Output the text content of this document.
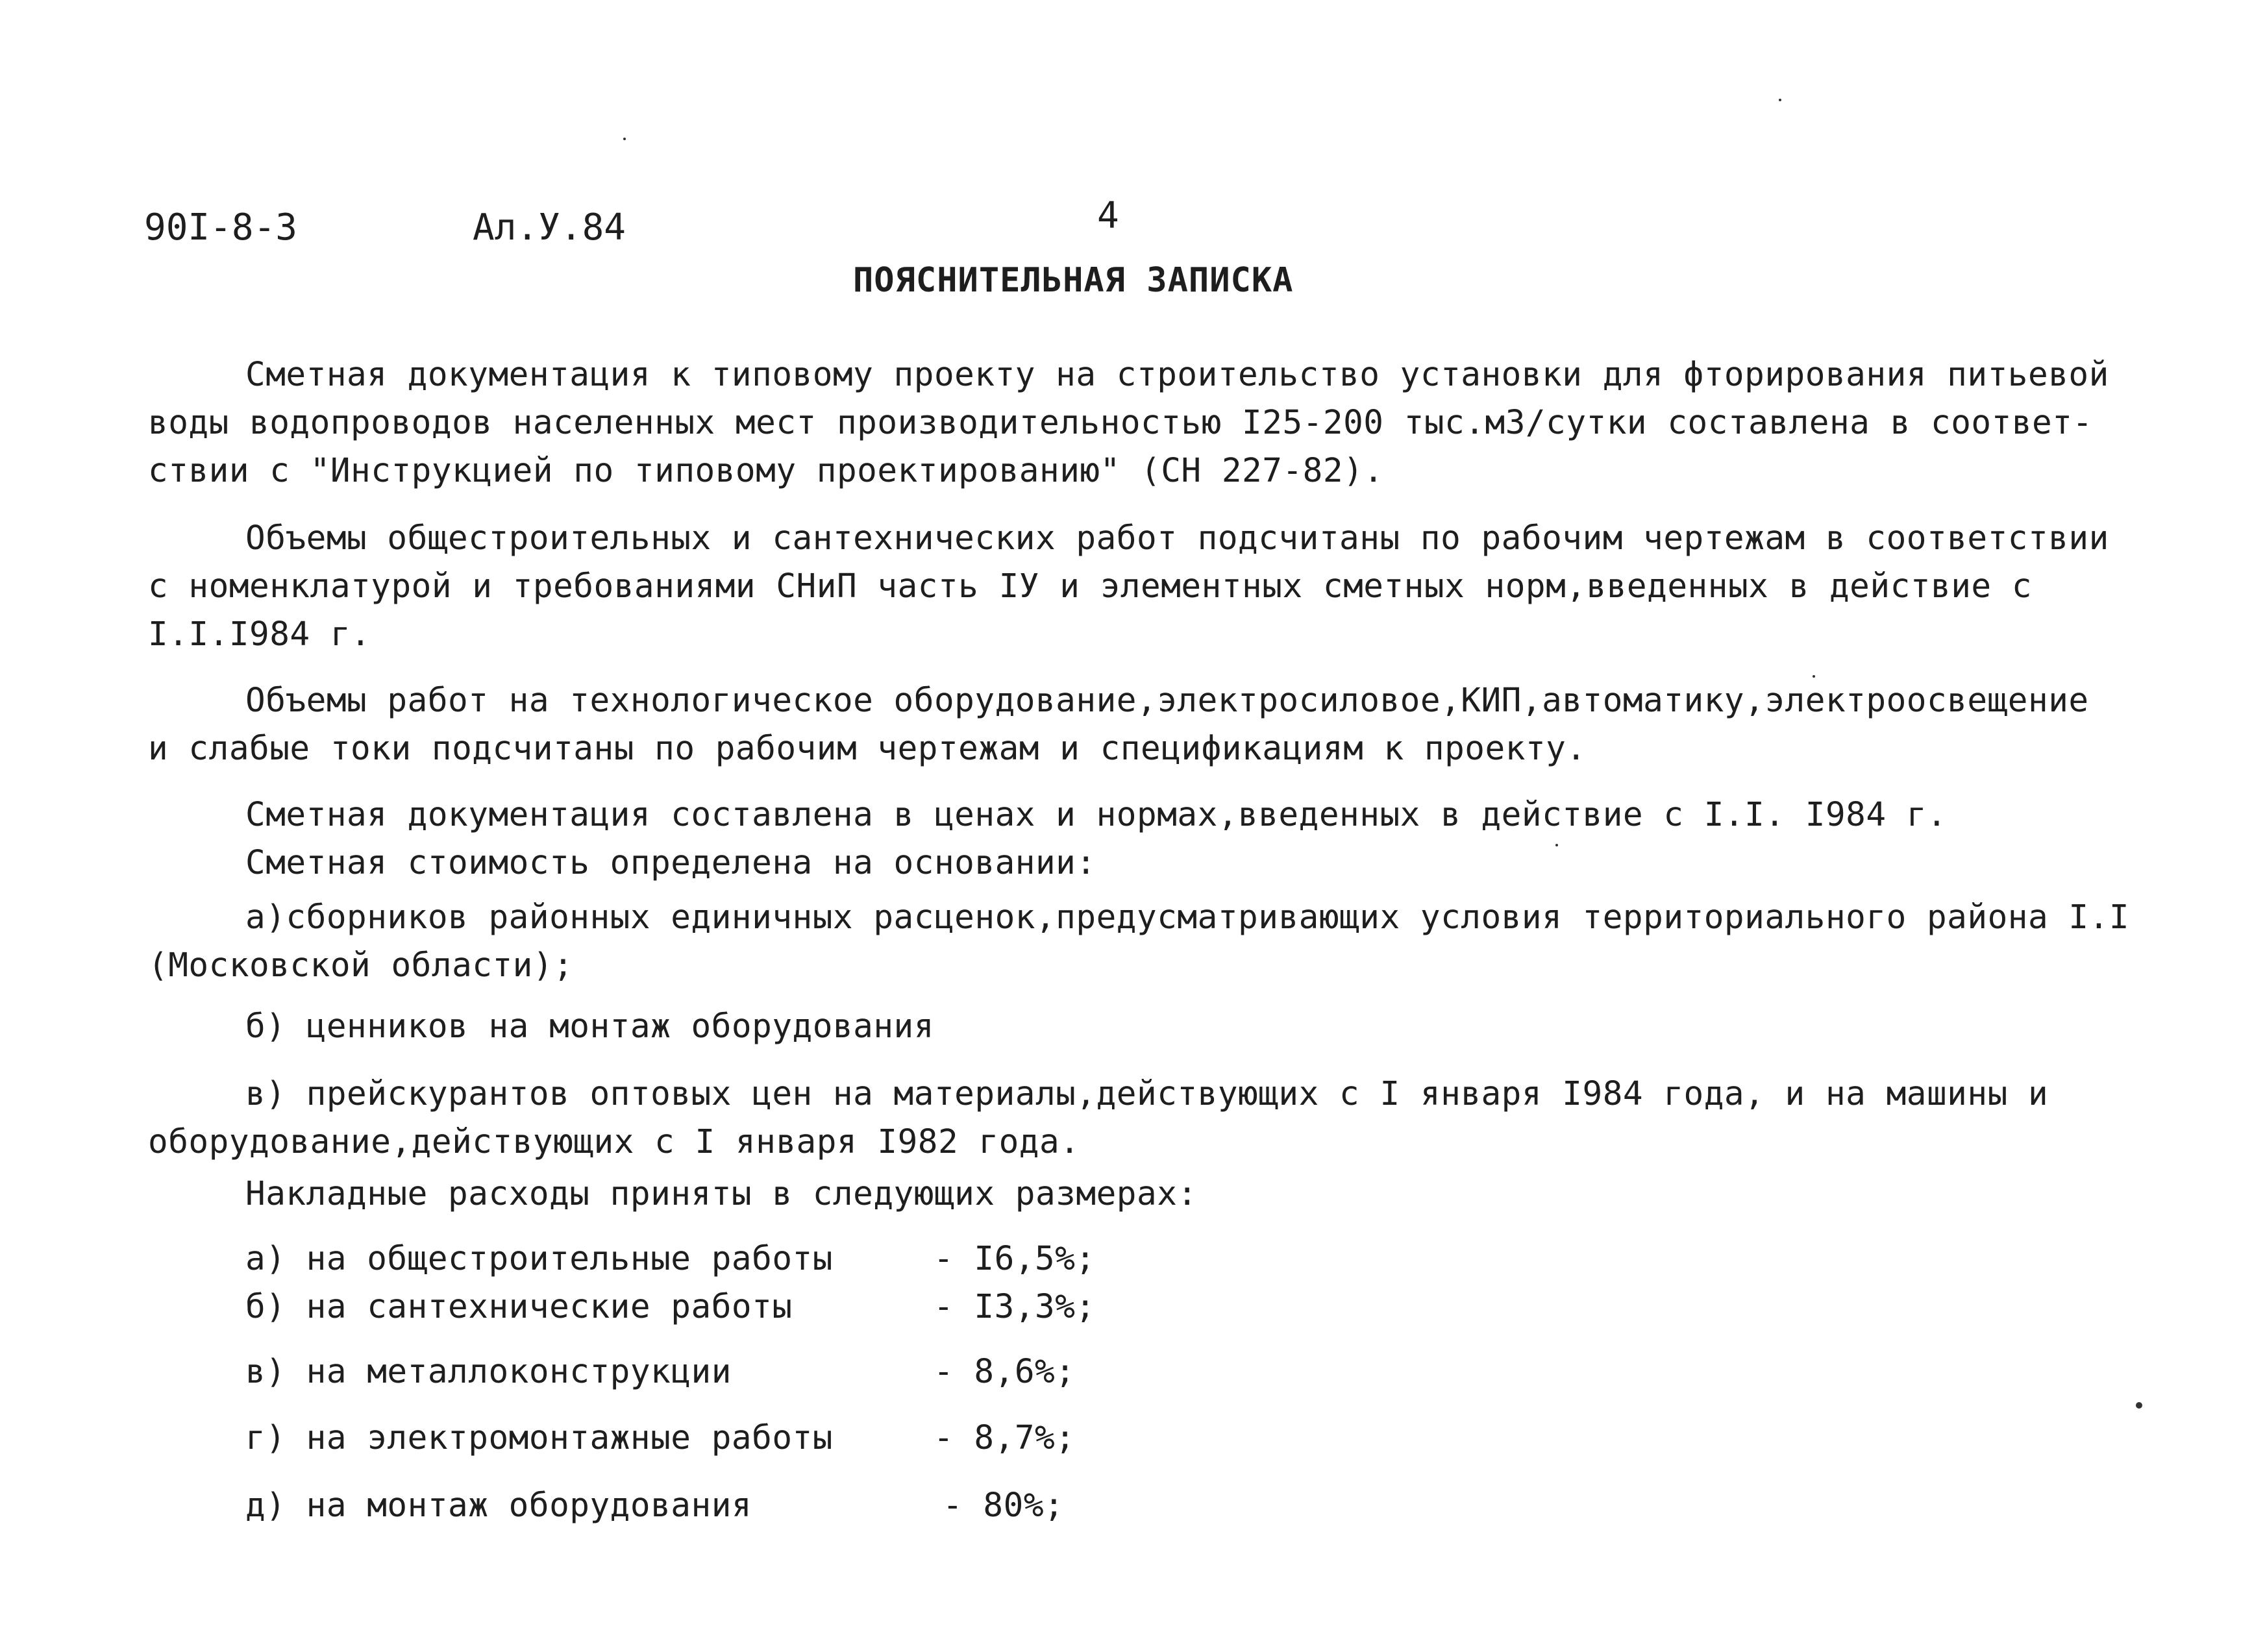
90I-8-3	Ал.У.84	4
ПОЯСНИТЕЛЬНАЯ ЗАПИСКА
Сметная документация к типовому проекту на строительство установки для фторирования питьевой
воды водопроводов населенных мест производительностью I25-200 тыс.м3/сутки составлена в соответ-
ствии с "Инструкцией по типовому проектированию" (СН 227-82).
Объемы общестроительных и сантехнических работ подсчитаны по рабочим чертежам в соответствии
с номенклатурой и требованиями СНиП часть IУ и элементных сметных норм,введенных в действие с
I.I.I984 г.
Объемы работ на технологическое оборудование,электросиловое,КИП,автоматику,электроосвещение
и слабые токи подсчитаны по рабочим чертежам и спецификациям к проекту.
Сметная документация составлена в ценах и нормах,введенных в действие с I.I. I984 г.
Сметная стоимость определена на основании:
а)сборников районных единичных расценок,предусматривающих условия территориального района I.I
(Московской области);
б) ценников на монтаж оборудования
в) прейскурантов оптовых цен на материалы,действующих с I января I984 года, и на машины и
оборудование,действующих с I января I982 года.
Накладные расходы приняты в следующих размерах:
а) на общестроительные работы	- I6,5%;
б) на сантехнические работы	- I3,3%;
в) на металлоконструкции	- 8,6%;
г) на электромонтажные работы	- 8,7%;
д) на монтаж оборудования	- 80%;
